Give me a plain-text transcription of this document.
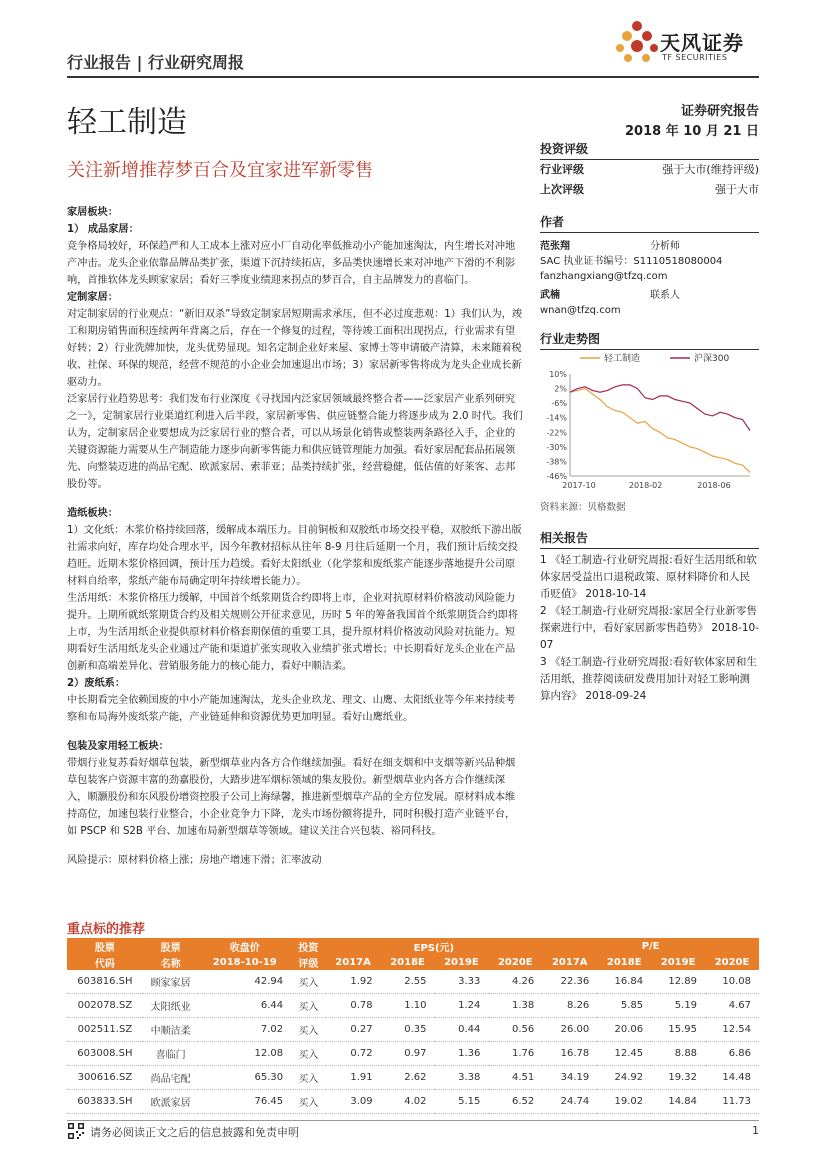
行业报告 | 行业研究周报
天风证券
TF SECURITIES
轻工制造	证券研究报告
2018 年 10 月 21 日
关注新增推荐梦百合及宜家进军新零售

家居板块：

1） 成品家居：

竞争格局较好，环保趋严和人工成本上涨对应小厂自动化率低推动小产能加速淘汰，内生增长对冲地产冲击。龙头企业依靠品牌品类扩张，渠道下沉持续拓店，多品类快速增长来对冲地产下滑的不利影响，首推软体龙头顾家家居；看好三季度业绩迎来拐点的梦百合，自主品牌发力的喜临门。

定制家居：

对定制家居的行业观点：“新旧双杀”导致定制家居短期需求承压，但不必过度悲观：1）我们认为，竣工和期房销售面积连续两年背离之后，存在一个修复的过程，等待竣工面积出现拐点，行业需求有望好转；2）行业洗牌加快，龙头优势显现。知名定制企业好来屋、家博士等申请破产清算，未来随着税收、社保、环保的规范，经营不规范的小企业会加速退出市场；3）家居新零售将成为龙头企业成长新驱动力。

泛家居行业趋势思考：我们发布行业深度《寻找国内泛家居领域最终整合者——泛家居产业系列研究之一》，定制家居行业渠道红利进入后半段，家居新零售、供应链整合能力将逐步成为 2.0 时代。我们认为，定制家居企业要想成为泛家居行业的整合者，可以从场景化销售或整装两条路径入手，企业的关键资源能力需要从生产制造能力逐步向新零售能力和供应链管理能力加强。看好家居配套品拓展领先、向整装迈进的尚品宅配、欧派家居、索菲亚；品类持续扩张，经营稳健，低估值的好莱客、志邦股份等。

造纸板块：

1）文化纸：木浆价格持续回落，缓解成本端压力。目前铜板和双胶纸市场交投平稳，双胶纸下游出版社需求向好，库存均处合理水平，因今年教材招标从往年 8-9 月往后延期一个月，我们预计后续交投趋旺。近期木浆价格回调，预计压力趋缓。看好太阳纸业（化学浆和废纸浆产能逐步落地提升公司原材料自给率，浆纸产能布局确定明年持续增长能力）。

生活用纸：木浆价格压力缓解，中国首个纸浆期货合约即将上市，企业对抗原材料价格波动风险能力提升。上期所就纸浆期货合约及相关规则公开征求意见，历时 5 年的筹备我国首个纸浆期货合约即将上市，为生活用纸企业提供原材料价格套期保值的重要工具，提升原材料价格波动风险对抗能力。短期看好生活用纸龙头企业通过产能和渠道扩张实现收入业绩扩张式增长；中长期看好龙头企业在产品创新和高端差异化、营销服务能力的核心能力，看好中顺洁柔。

2）废纸系：

中长期看完全依赖国废的中小产能加速淘汰，龙头企业玖龙、理文、山鹰、太阳纸业等今年来持续考察和布局海外废纸浆产能，产业链延伸和资源优势更加明显。看好山鹰纸业。

包装及家用轻工板块：

带烟行业复苏看好烟草包装，新型烟草业内各方合作继续加强。看好在细支烟和中支烟等新兴品种烟草包装客户资源丰富的劲嘉股份，大踏步进军烟标领域的集友股份。新型烟草业内各方合作继续深入，顺灏股份和东风股份增资控股子公司上海绿馨，推进新型烟草产品的全方位发展。原材料成本维持高位，加速包装行业整合，小企业竞争力下降，龙头市场份额将提升，同时积极打造产业链平台，如 PSCP 和 S2B 平台、加速布局新型烟草等领域。建议关注合兴包装、裕同科技。

风险提示：原材料价格上涨；房地产增速下滑；汇率波动

投资评级
行业评级	强于大市(维持评级)
上次评级	强于大市
作者
范张翔	分析师
SAC 执业证书编号：S1110518080004
fanzhangxiang@tfzq.com
武楠	联系人
wnan@tfzq.com
行业走势图
轻工制造	沪深300
10%
2%
-6%
-14%
-22%
-30%
-38%
-46%
2017-10	2018-02	2018-06
资料来源：贝格数据
相关报告

1 《轻工制造-行业研究周报:看好生活用纸和软体家居受益出口退税政策、原材料降价和人民币贬值》 2018-10-14

2 《轻工制造-行业研究周报:家居全行业新零售探索进行中，看好家居新零售趋势》 2018-10-07

3 《轻工制造-行业研究周报:看好软体家居和生活用纸，推荐阅读研发费用加计对轻工影响测算内容》 2018-09-24

重点标的推荐
股票	股票	收盘价	投资	EPS(元)				P/E			
代码	名称	2018-10-19	评级	2017A	2018E	2019E	2020E	2017A	2018E	2019E	2020E
603816.SH	顾家家居	42.94	买入	1.92	2.55	3.33	4.26	22.36	16.84	12.89	10.08
002078.SZ	太阳纸业	6.44	买入	0.78	1.10	1.24	1.38	8.26	5.85	5.19	4.67
002511.SZ	中顺洁柔	7.02	买入	0.27	0.35	0.44	0.56	26.00	20.06	15.95	12.54
603008.SH	喜临门	12.08	买入	0.72	0.97	1.36	1.76	16.78	12.45	8.88	6.86
300616.SZ	尚品宅配	65.30	买入	1.91	2.62	3.38	4.51	34.19	24.92	19.32	14.48
603833.SH	欧派家居	76.45	买入	3.09	4.02	5.15	6.52	24.74	19.02	14.84	11.73
请务必阅读正文之后的信息披露和免责申明	1
